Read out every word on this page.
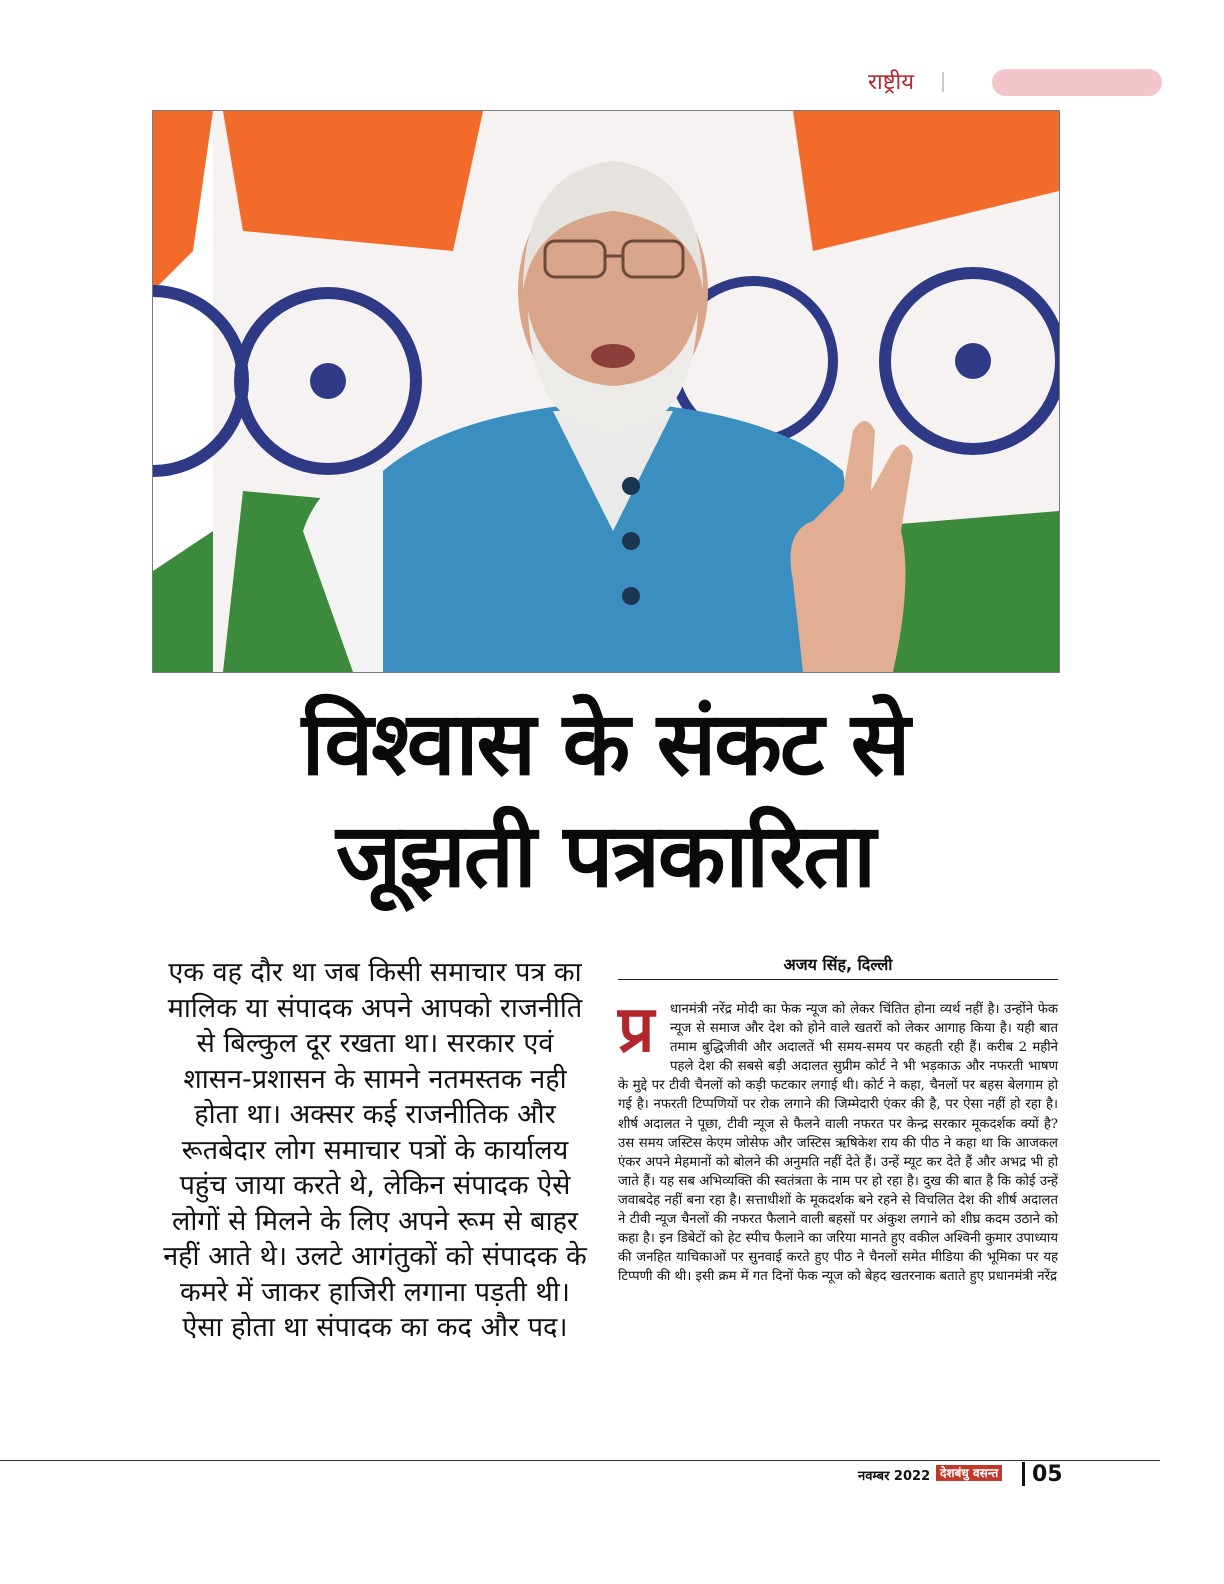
राष्ट्रीय
विश्वास के संकट से
जूझती पत्रकारिता
एक वह दौर था जब किसी समाचार पत्र का मालिक या संपादक अपने आपको राजनीति से बिल्कुल दूर रखता था। सरकार एवं शासन-प्रशासन के सामने नतमस्तक नही होता था। अक्सर कई राजनीतिक और रूतबेदार लोग समाचार पत्रों के कार्यालय पहुंच जाया करते थे, लेकिन संपादक ऐसे लोगों से मिलने के लिए अपने रूम से बाहर नहीं आते थे। उलटे आगंतुकों को संपादक के कमरे में जाकर हाजिरी लगाना पड़ती थी। ऐसा होता था संपादक का कद और पद।
अजय सिंह, दिल्ली
प्र	धानमंत्री नरेंद्र मोदी का फेक न्यूज को लेकर चिंतित होना व्यर्थ नहीं है। उन्होंने फेक न्यूज से समाज और देश को होने वाले खतरों को लेकर आगाह किया है। यही बात तमाम बुद्धिजीवी और अदालतें भी समय-समय पर कहती रही हैं। करीब 2 महीने पहले देश की सबसे बड़ी अदालत सुप्रीम कोर्ट ने भी भड़काऊ और नफरती भाषण के मुद्दे पर टीवी चैनलों को कड़ी फटकार लगाई थी। कोर्ट ने कहा, चैनलों पर बहस बेलगाम हो गई है। नफरती टिप्पणियों पर रोक लगाने की जिम्मेदारी एंकर की है, पर ऐसा नहीं हो रहा है। शीर्ष अदालत ने पूछा, टीवी न्यूज से फैलने वाली नफरत पर केन्द्र सरकार मूकदर्शक क्यों है? उस समय जस्टिस केएम जोसेफ और जस्टिस ऋषिकेश राय की पीठ ने कहा था कि आजकल एंकर अपने मेहमानों को बोलने की अनुमति नहीं देते हैं। उन्हें म्यूट कर देते हैं और अभद्र भी हो जाते हैं। यह सब अभिव्यक्ति की स्वतंत्रता के नाम पर हो रहा है। दुख की बात है कि कोई उन्हें जवाबदेह नहीं बना रहा है। सत्ताधीशों के मूकदर्शक बने रहने से विचलित देश की शीर्ष अदालत ने टीवी न्यूज चैनलों की नफरत फैलाने वाली बहसों पर अंकुश लगाने को शीघ्र कदम उठाने को कहा है। इन डिबेटों को हेट स्पीच फैलाने का जरिया मानते हुए वकील अश्विनी कुमार उपाध्याय की जनहित याचिकाओं पर सुनवाई करते हुए पीठ ने चैनलों समेत मीडिया की भूमिका पर यह टिप्पणी की थी। इसी क्रम में गत दिनों फेक न्यूज को बेहद खतरनाक बताते हुए प्रधानमंत्री नरेंद्र
नवम्बर 2022 देशबंधु वसन्त 05
